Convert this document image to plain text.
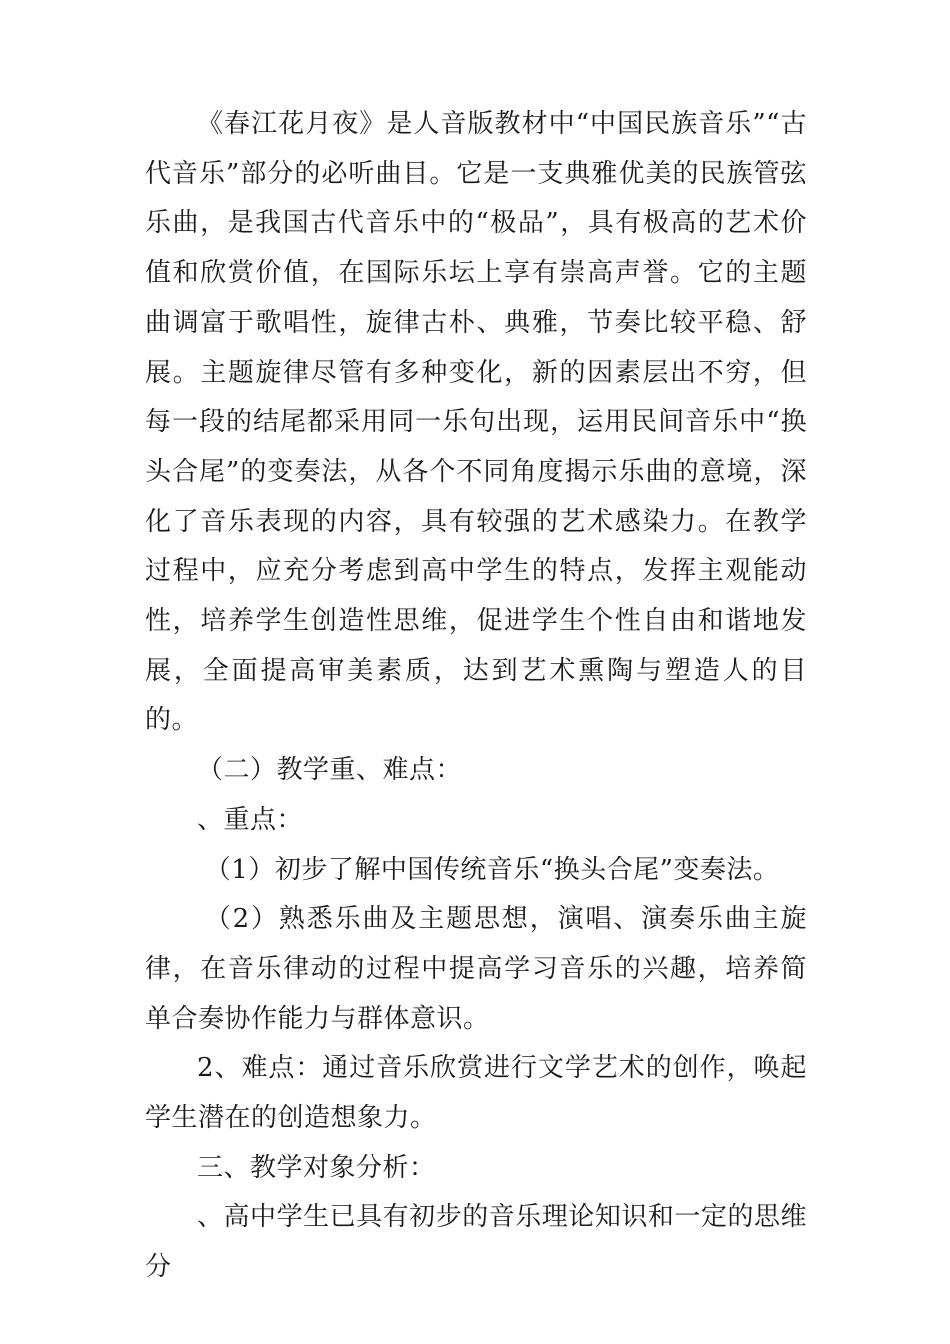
《春江花月夜》是人音版教材中“中国民族音乐”“古代音乐”部分的必听曲目。它是一支典雅优美的民族管弦乐曲，是我国古代音乐中的“极品”，具有极高的艺术价值和欣赏价值，在国际乐坛上享有崇高声誉。它的主题曲调富于歌唱性，旋律古朴、典雅，节奏比较平稳、舒展。主题旋律尽管有多种变化，新的因素层出不穷，但每一段的结尾都采用同一乐句出现，运用民间音乐中“换头合尾”的变奏法，从各个不同角度揭示乐曲的意境，深化了音乐表现的内容，具有较强的艺术感染力。在教学过程中，应充分考虑到高中学生的特点，发挥主观能动性，培养学生创造性思维，促进学生个性自由和谐地发展，全面提高审美素质，达到艺术熏陶与塑造人的目的。

（二）教学重、难点：

、重点：

（1）初步了解中国传统音乐“换头合尾”变奏法。

（2）熟悉乐曲及主题思想，演唱、演奏乐曲主旋律，在音乐律动的过程中提高学习音乐的兴趣，培养简单合奏协作能力与群体意识。

2、难点：通过音乐欣赏进行文学艺术的创作，唤起学生潜在的创造想象力。

三、教学对象分析：

、高中学生已具有初步的音乐理论知识和一定的思维分
